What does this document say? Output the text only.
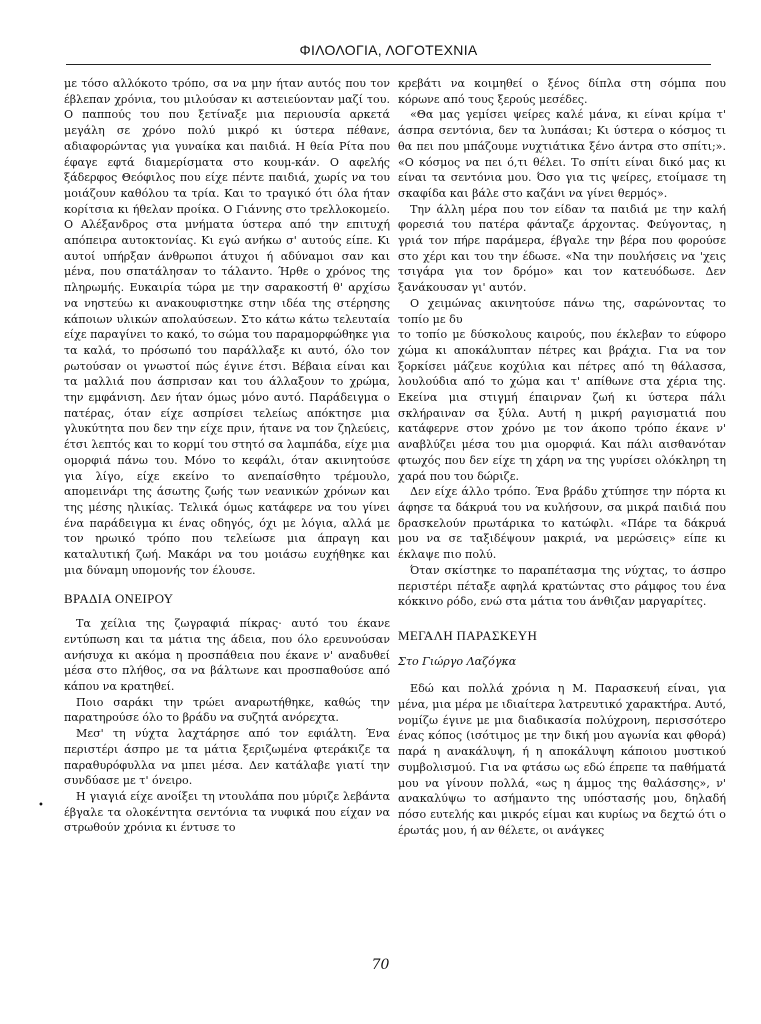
ΦΙΛΟΛΟΓΙΑ, ΛΟΓΟΤΕΧΝΙΑ

με τόσο αλλόκοτο τρόπο, σα να μην ήταν αυτός που τον έβλεπαν χρόνια, του μιλούσαν κι αστειεύονταν μαζί του. Ο παππούς του που ξετίναξε μια περιουσία αρκετά μεγάλη σε χρόνο πολύ μικρό κι ύστερα πέθανε, αδιαφορώντας για γυναίκα και παιδιά. Η θεία Ρίτα που έφαγε εφτά διαμερίσματα στο κουμ-κάν. Ο αφελής ξάδερφος Θεόφιλος που είχε πέντε παιδιά, χωρίς να του μοιάζουν καθόλου τα τρία. Και το τραγικό ότι όλα ήταν κορίτσια κι ήθελαν προίκα. Ο Γιάννης στο τρελλοκομείο. Ο Αλέξανδρος στα μνήματα ύστερα από την επιτυχή απόπειρα αυτοκτονίας. Κι εγώ ανήκω σ' αυτούς είπε. Κι αυτοί υπήρξαν άνθρωποι άτυχοι ή αδύναμοι σαν και μένα, που σπατάλησαν το τάλαντο. Ήρθε ο χρόνος της πληρωμής. Ευκαιρία τώρα με την σαρακοστή θ' αρχίσω να νηστεύω κι ανακουφιστηκε στην ιδέα της στέρησης κάποιων υλικών απολαύσεων. Στο κάτω κάτω τελευταία είχε παραγίνει το κακό, το σώμα του παραμορφώθηκε για τα καλά, το πρόσωπό του παράλλαξε κι αυτό, όλο τον ρωτούσαν οι γνωστοί πώς έγινε έτσι. Βέβαια είναι και τα μαλλιά που άσπρισαν και του άλλαξουν το χρώμα, την εμφάνιση. Δεν ήταν όμως μόνο αυτό. Παράδειγμα ο πατέρας, όταν είχε ασπρίσει τελείως απόκτησε μια γλυκύτητα που δεν την είχε πριν, ήτανε να τον ζηλεύεις, έτσι λεπτός και το κορμί του στητό σα λαμπάδα, είχε μια ομορφιά πάνω του. Μόνο το κεφάλι, όταν ακινητούσε για λίγο, είχε εκείνο το ανεπαίσθητο τρέμουλο, απομεινάρι της άσωτης ζωής των νεανικών χρόνων και της μέσης ηλικίας. Τελικά όμως κατάφερε να του γίνει ένα παράδειγμα κι ένας οδηγός, όχι με λόγια, αλλά με τον ηρωικό τρόπο που τελείωσε μια άπραγη και καταλυτική ζωή. Μακάρι να του μοιάσω ευχήθηκε και μια δύναμη υπομονής τον έλουσε.

ΒΡΑΔΙΑ ΟΝΕΙΡΟΥ

Τα χείλια της ζωγραφιά πίκρας· αυτό του έκανε εντύπωση και τα μάτια της άδεια, που όλο ερευνούσαν ανήσυχα κι ακόμα η προσπάθεια που έκανε ν' αναδυθεί μέσα στο πλήθος, σα να βάλτωνε και προσπαθούσε από κάπου να κρατηθεί.

Ποιο σαράκι την τρώει αναρωτήθηκε, καθώς την παρατηρούσε όλο το βράδυ να συζητά ανόρεχτα.

Μεσ' τη νύχτα λαχτάρησε από τον εφιάλτη. Ένα περιστέρι άσπρο με τα μάτια ξεριζωμένα φτεράκιζε τα παραθυρόφυλλα να μπει μέσα. Δεν κατάλαβε γιατί την συνδύασε με τ' όνειρο.

Η γιαγιά είχε ανοίξει τη ντουλάπα που μύριζε λεβάντα έβγαλε τα ολοκέντητα σεντόνια τα νυφικά που είχαν να στρωθούν χρόνια κι έντυσε το

κρεβάτι να κοιμηθεί ο ξένος δίπλα στη σόμπα που κόρωνε από τους ξερούς μεσέδες.

«Θα μας γεμίσει ψείρες καλέ μάνα, κι είναι κρίμα τ' άσπρα σεντόνια, δεν τα λυπάσαι; Κι ύστερα ο κόσμος τι θα πει που μπάζουμε νυχτιάτικα ξένο άντρα στο σπίτι;». «Ο κόσμος να πει ό,τι θέλει. Το σπίτι είναι δικό μας κι είναι τα σεντόνια μου. Όσο για τις ψείρες, ετοίμασε τη σκαφίδα και βάλε στο καζάνι να γίνει θερμός».

Την άλλη μέρα που τον είδαν τα παιδιά με την καλή φορεσιά του πατέρα φάνταζε άρχοντας. Φεύγοντας, η γριά τον πήρε παράμερα, έβγαλε την βέρα που φορούσε στο χέρι και του την έδωσε. «Να την πουλήσεις να 'χεις τσιγάρα για τον δρόμο» και τον κατευόδωσε. Δεν ξανάκουσαν γι' αυτόν.

Ο χειμώνας ακινητούσε πάνω της, σαρώνοντας το τοπίο με δυ

το τοπίο με δύσκολους καιρούς, που έκλεβαν το εύφορο χώμα κι αποκάλυπταν πέτρες και βράχια. Για να τον ξορκίσει μάζευε κοχύλια και πέτρες από τη θάλασσα, λουλούδια από το χώμα και τ' απίθωνε στα χέρια της. Εκείνα μια στιγμή έπαιρναν ζωή κι ύστερα πάλι σκλήραιναν σα ξύλα. Αυτή η μικρή ραγισματιά που κατάφερνε στον χρόνο με τον άκοπο τρόπο έκανε ν' αναβλύζει μέσα του μια ομορφιά. Και πάλι αισθανόταν φτωχός που δεν είχε τη χάρη να της γυρίσει ολόκληρη τη χαρά που του δώριζε.

Δεν είχε άλλο τρόπο. Ένα βράδυ χτύπησε την πόρτα κι άφησε τα δάκρυά του να κυλήσουν, σα μικρά παιδιά που δρασκελούν πρωτάρικα το κατώφλι. «Πάρε τα δάκρυά μου να σε ταξιδέψουν μακριά, να μερώσεις» είπε κι έκλαψε πιο πολύ.

Όταν σκίστηκε το παραπέτασμα της νύχτας, το άσπρο περιστέρι πέταξε αφηλά κρατώντας στο ράμφος του ένα κόκκινο ρόδο, ενώ στα μάτια του άνθιζαν μαργαρίτες.

ΜΕΓΑΛΗ ΠΑΡΑΣΚΕΥΗ
Στο Γιώργο Λαζόγκα

Εδώ και πολλά χρόνια η Μ. Παρασκευή είναι, για μένα, μια μέρα με ιδιαίτερα λατρευτικό χαρακτήρα. Αυτό, νομίζω έγινε με μια διαδικασία πολύχρονη, περισσότερο ένας κόπος (ισότιμος με την δική μου αγωνία και φθορά) παρά η ανακάλυψη, ή η αποκάλυψη κάποιου μυστικού συμβολισμού. Για να φτάσω ως εδώ έπρεπε τα παθήματά μου να γίνουν πολλά, «ως η άμμος της θαλάσσης», ν' ανακαλύψω το ασήμαντο της υπόστασής μου, δηλαδή πόσο ευτελής και μικρός είμαι και κυρίως να δεχτώ ότι ο έρωτάς μου, ή αν θέλετε, οι ανάγκες

•
70
